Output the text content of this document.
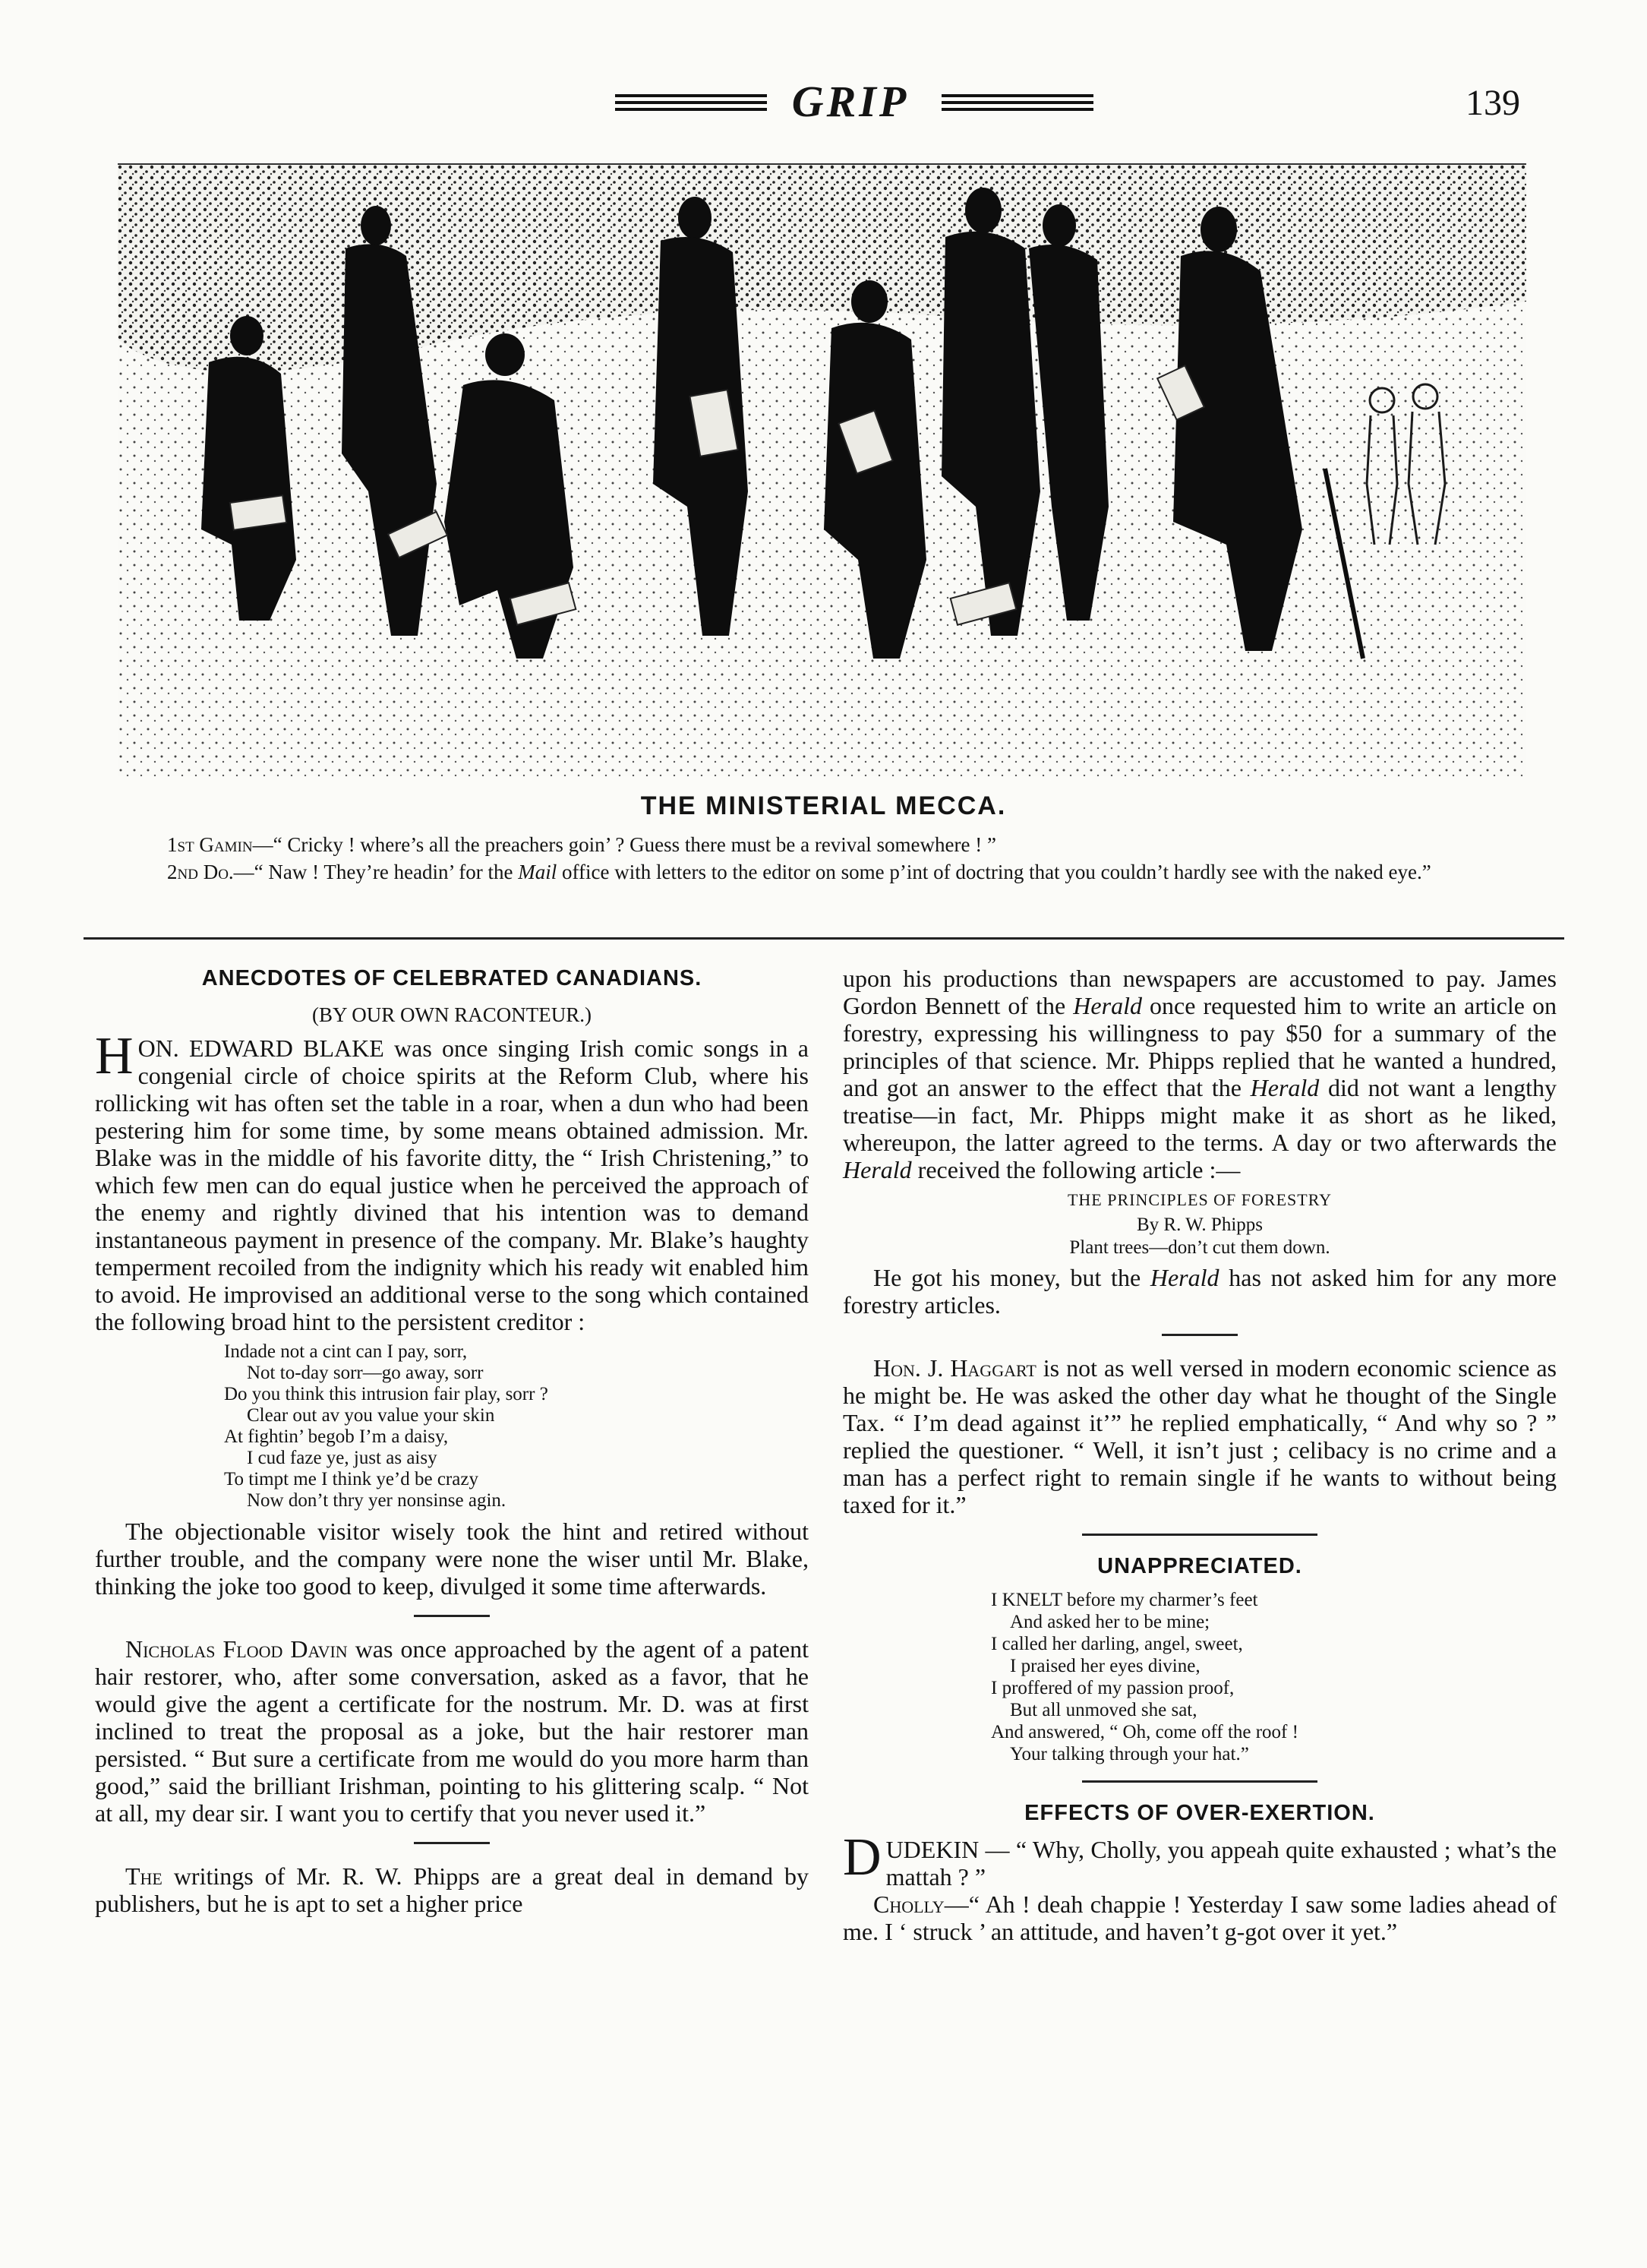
GRIP	139
THE MINISTERIAL MECCA.
1st Gamin—“ Cricky ! where’s all the preachers goin’ ? Guess there must be a revival somewhere ! ”
2nd Do.—“ Naw ! They’re headin’ for the Mail office with letters to the editor on some p’int of doctring that you couldn’t hardly see with the naked eye.”
ANECDOTES OF CELEBRATED CANADIANS.
(BY OUR OWN RACONTEUR.)

HON. EDWARD BLAKE was once singing Irish comic songs in a congenial circle of choice spirits at the Reform Club, where his rollicking wit has often set the table in a roar, when a dun who had been pestering him for some time, by some means obtained admission. Mr. Blake was in the middle of his favorite ditty, the “ Irish Christening,” to which few men can do equal justice when he perceived the approach of the enemy and rightly divined that his intention was to demand instantaneous payment in presence of the company. Mr. Blake’s haughty temperment recoiled from the indignity which his ready wit enabled him to avoid. He improvised an additional verse to the song which contained the following broad hint to the persistent creditor :

Indade not a cint can I pay, sorr,
Not to-day sorr—go away, sorr
Do you think this intrusion fair play, sorr ?
Clear out av you value your skin
At fightin’ begob I’m a daisy,
I cud faze ye, just as aisy
To timpt me I think ye’d be crazy
Now don’t thry yer nonsinse agin.

The objectionable visitor wisely took the hint and retired without further trouble, and the company were none the wiser until Mr. Blake, thinking the joke too good to keep, divulged it some time afterwards.

Nicholas Flood Davin was once approached by the agent of a patent hair restorer, who, after some conversation, asked as a favor, that he would give the agent a certificate for the nostrum. Mr. D. was at first inclined to treat the proposal as a joke, but the hair restorer man persisted. “ But sure a certificate from me would do you more harm than good,” said the brilliant Irishman, pointing to his glittering scalp. “ Not at all, my dear sir. I want you to certify that you never used it.”

The writings of Mr. R. W. Phipps are a great deal in demand by publishers, but he is apt to set a higher price

upon his productions than newspapers are accustomed to pay. James Gordon Bennett of the Herald once requested him to write an article on forestry, expressing his willingness to pay $50 for a summary of the principles of that science. Mr. Phipps replied that he wanted a hundred, and got an answer to the effect that the Herald did not want a lengthy treatise—in fact, Mr. Phipps might make it as short as he liked, whereupon, the latter agreed to the terms. A day or two afterwards the Herald received the following article :—

THE PRINCIPLES OF FORESTRY
By R. W. Phipps
Plant trees—don’t cut them down.

He got his money, but the Herald has not asked him for any more forestry articles.

Hon. J. Haggart is not as well versed in modern economic science as he might be. He was asked the other day what he thought of the Single Tax. “ I’m dead against it’” he replied emphatically, “ And why so ? ” replied the questioner. “ Well, it isn’t just ; celibacy is no crime and a man has a perfect right to remain single if he wants to without being taxed for it.”

UNAPPRECIATED.
I KNELT before my charmer’s feet
And asked her to be mine;
I called her darling, angel, sweet,
I praised her eyes divine,
I proffered of my passion proof,
But all unmoved she sat,
And answered, “ Oh, come off the roof !
Your talking through your hat.”
EFFECTS OF OVER-EXERTION.

DUDEKIN — “ Why, Cholly, you appeah quite exhausted ; what’s the mattah ? ”

Cholly—“ Ah ! deah chappie ! Yesterday I saw some ladies ahead of me. I ‘ struck ’ an attitude, and haven’t g-got over it yet.”
